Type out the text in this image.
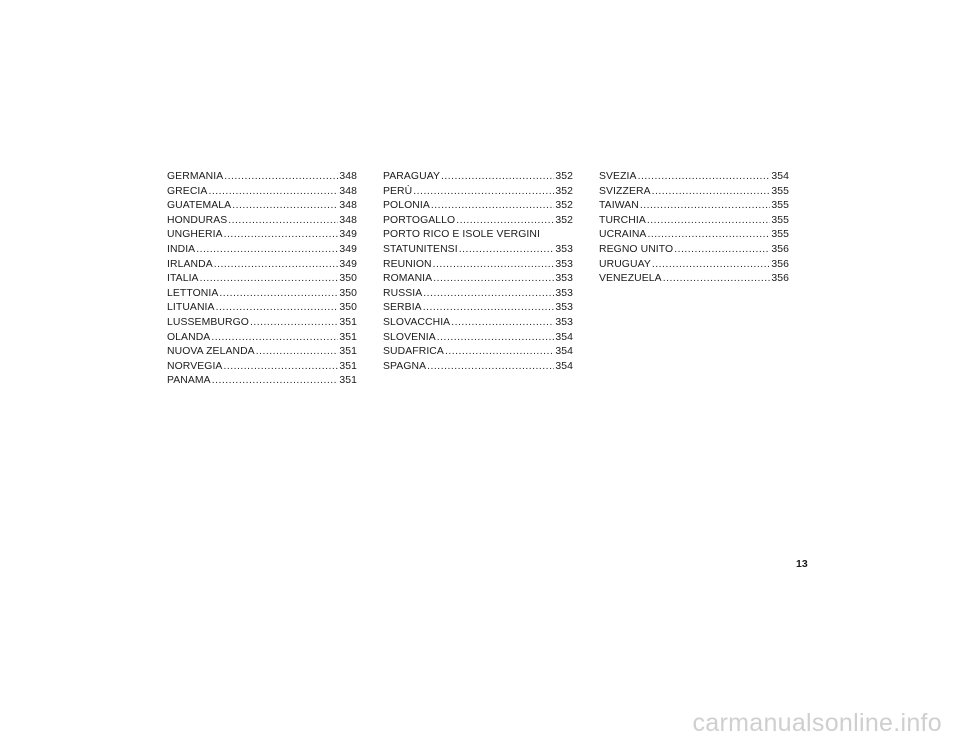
GERMANIA .....	348
GRECIA .....	348
GUATEMALA .....	348
HONDURAS .....	348
UNGHERIA .....	349
INDIA .....	349
IRLANDA .....	349
ITALIA .....	350
LETTONIA .....	350
LITUANIA .....	350
LUSSEMBURGO .....	351
OLANDA .....	351
NUOVA ZELANDA .....	351
NORVEGIA .....	351
PANAMA .....	351
PARAGUAY .....	352
PERÙ .....	352
POLONIA .....	352
PORTOGALLO .....	352
PORTO RICO E ISOLE VERGINI
STATUNITENSI .....	353
REUNION .....	353
ROMANIA .....	353
RUSSIA .....	353
SERBIA .....	353
SLOVACCHIA .....	353
SLOVENIA .....	354
SUDAFRICA .....	354
SPAGNA .....	354
SVEZIA .....	354
SVIZZERA .....	355
TAIWAN .....	355
TURCHIA .....	355
UCRAINA .....	355
REGNO UNITO .....	356
URUGUAY .....	356
VENEZUELA .....	356
13
carmanualsonline.info
